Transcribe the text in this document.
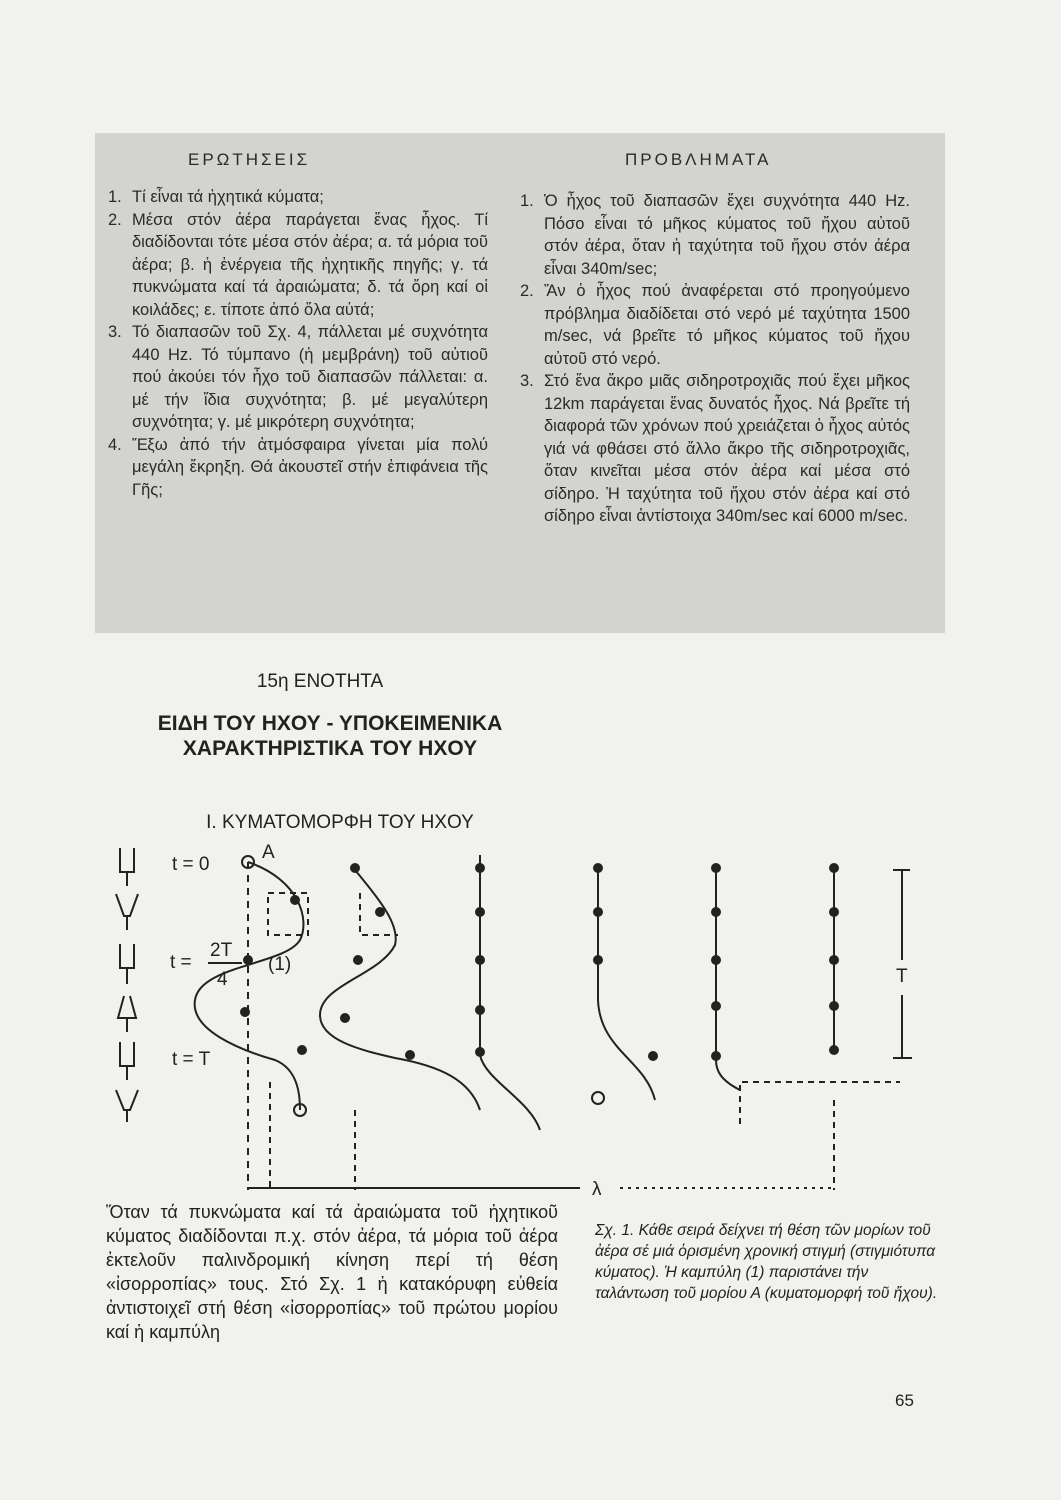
ΕΡΩΤΗΣΕΙΣ	ΠΡΟΒΛΗΜΑΤΑ
1. Τί εἶναι τά ἠχητικά κύματα;
2. Μέσα στόν ἀέρα παράγεται ἕνας ἦχος. Τί διαδίδονται τότε μέσα στόν ἀέρα; α. τά μόρια τοῦ ἀέρα; β. ἡ ἐνέργεια τῆς ἠχητικῆς πηγῆς; γ. τά πυκνώματα καί τά ἀραιώματα; δ. τά ὄρη καί οἱ κοιλάδες; ε. τίποτε ἀπό ὅλα αὐτά;
3. Τό διαπασῶν τοῦ Σχ. 4, πάλλεται μέ συχνότητα 440 Hz. Τό τύμπανο (ἡ μεμβράνη) τοῦ αὐτιοῦ πού ἀκούει τόν ἦχο τοῦ διαπασῶν πάλλεται: α. μέ τήν ἴδια συχνότητα; β. μέ μεγαλύτερη συχνότητα; γ. μέ μικρότερη συχνότητα;
4. Ἔξω ἀπό τήν ἀτμόσφαιρα γίνεται μία πολύ μεγάλη ἔκρηξη. Θά ἀκουστεῖ στήν ἐπιφάνεια τῆς Γῆς;
1. Ὁ ἦχος τοῦ διαπασῶν ἔχει συχνότητα 440 Hz. Πόσο εἶναι τό μῆκος κύματος τοῦ ἤχου αὐτοῦ στόν ἀέρα, ὅταν ἡ ταχύτητα τοῦ ἤχου στόν ἀέρα εἶναι 340m/sec;
2. Ἄν ὁ ἦχος πού ἀναφέρεται στό προηγούμενο πρόβλημα διαδίδεται στό νερό μέ ταχύτητα 1500 m/sec, νά βρεῖτε τό μῆκος κύματος τοῦ ἤχου αὐτοῦ στό νερό.
3. Στό ἕνα ἄκρο μιᾶς σιδηροτροχιᾶς πού ἔχει μῆκος 12km παράγεται ἕνας δυνατός ἦχος. Νά βρεῖτε τή διαφορά τῶν χρόνων πού χρειάζεται ὁ ἦχος αὐτός γιά νά φθάσει στό ἄλλο ἄκρο τῆς σιδηροτροχιᾶς, ὅταν κινεῖται μέσα στόν ἀέρα καί μέσα στό σίδηρο. Ἡ ταχύτητα τοῦ ἤχου στόν ἀέρα καί στό σίδηρο εἶναι ἀντίστοιχα 340m/sec καί 6000 m/sec.
15η ΕΝΟΤΗΤΑ
ΕΙΔΗ ΤΟΥ ΗΧΟΥ - ΥΠΟΚΕΙΜΕΝΙΚΑ
ΧΑΡΑΚΤΗΡΙΣΤΙΚΑ ΤΟΥ ΗΧΟΥ
Ι. ΚΥΜΑΤΟΜΟΡΦΗ ΤΟΥ ΗΧΟΥ
t = 0
A
t =
2T
4
(1)
t = T
λ
T
Ὅταν τά πυκνώματα καί τά ἀραιώματα τοῦ ἠχητικοῦ κύματος διαδίδονται π.χ. στόν ἀέρα, τά μόρια τοῦ ἀέρα ἐκτελοῦν παλινδρομική κίνηση περί τή θέση «ἰσορροπίας» τους. Στό Σχ. 1 ἡ κατακόρυφη εὐθεία ἀντιστοιχεῖ στή θέση «ἰσορροπίας» τοῦ πρώτου μορίου καί ἡ καμπύλη
Σχ. 1. Κάθε σειρά δείχνει τή θέση τῶν μορίων τοῦ ἀέρα σέ μιά ὁρισμένη χρονική στιγμή (στιγμιότυπα κύματος). Ἡ καμπύλη (1) παριστάνει τήν ταλάντωση τοῦ μορίου Α (κυματομορφή τοῦ ἤχου).
65
